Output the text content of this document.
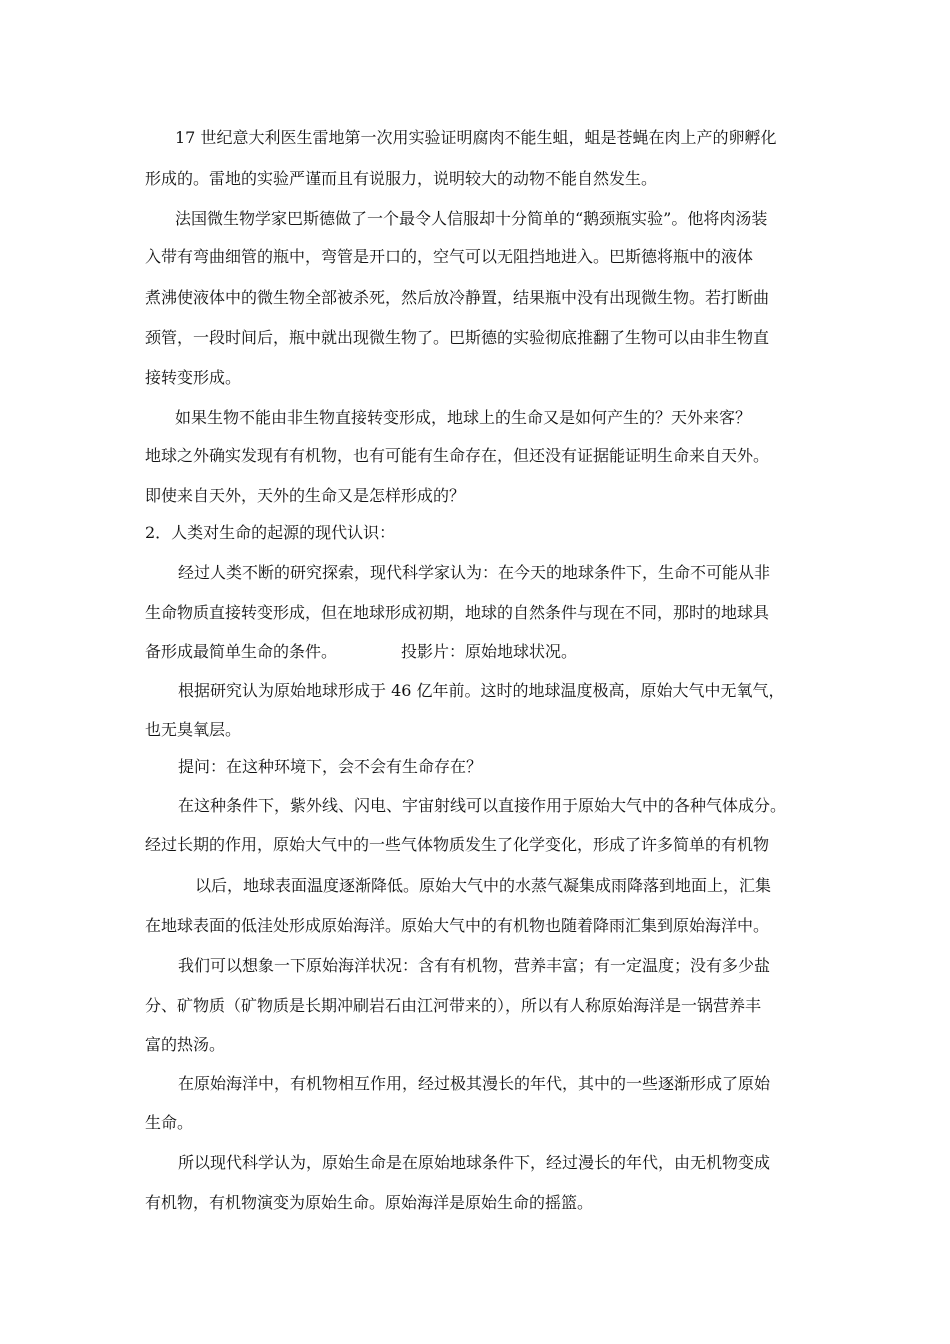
17 世纪意大利医生雷地第一次用实验证明腐肉不能生蛆，蛆是苍蝇在肉上产的卵孵化
形成的。雷地的实验严谨而且有说服力，说明较大的动物不能自然发生。
法国微生物学家巴斯德做了一个最令人信服却十分简单的“鹅颈瓶实验”。他将肉汤装
入带有弯曲细管的瓶中，弯管是开口的，空气可以无阻挡地进入。巴斯德将瓶中的液体
煮沸使液体中的微生物全部被杀死，然后放冷静置，结果瓶中没有出现微生物。若打断曲
颈管，一段时间后，瓶中就出现微生物了。巴斯德的实验彻底推翻了生物可以由非生物直
接转变形成。
如果生物不能由非生物直接转变形成，地球上的生命又是如何产生的？天外来客？
地球之外确实发现有有机物，也有可能有生命存在，但还没有证据能证明生命来自天外。
即使来自天外，天外的生命又是怎样形成的？
2．人类对生命的起源的现代认识：
经过人类不断的研究探索，现代科学家认为：在今天的地球条件下，生命不可能从非
生命物质直接转变形成，但在地球形成初期，地球的自然条件与现在不同，那时的地球具
备形成最简单生命的条件。	投影片：原始地球状况。
根据研究认为原始地球形成于 46 亿年前。这时的地球温度极高，原始大气中无氧气，
也无臭氧层。
提问：在这种环境下，会不会有生命存在？
在这种条件下，紫外线、闪电、宇宙射线可以直接作用于原始大气中的各种气体成分。
经过长期的作用，原始大气中的一些气体物质发生了化学变化，形成了许多简单的有机物
以后，地球表面温度逐渐降低。原始大气中的水蒸气凝集成雨降落到地面上，汇集
在地球表面的低洼处形成原始海洋。原始大气中的有机物也随着降雨汇集到原始海洋中。
我们可以想象一下原始海洋状况：含有有机物，营养丰富；有一定温度；没有多少盐
分、矿物质（矿物质是长期冲刷岩石由江河带来的），所以有人称原始海洋是一锅营养丰
富的热汤。
在原始海洋中，有机物相互作用，经过极其漫长的年代，其中的一些逐渐形成了原始
生命。
所以现代科学认为，原始生命是在原始地球条件下，经过漫长的年代，由无机物变成
有机物，有机物演变为原始生命。原始海洋是原始生命的摇篮。
